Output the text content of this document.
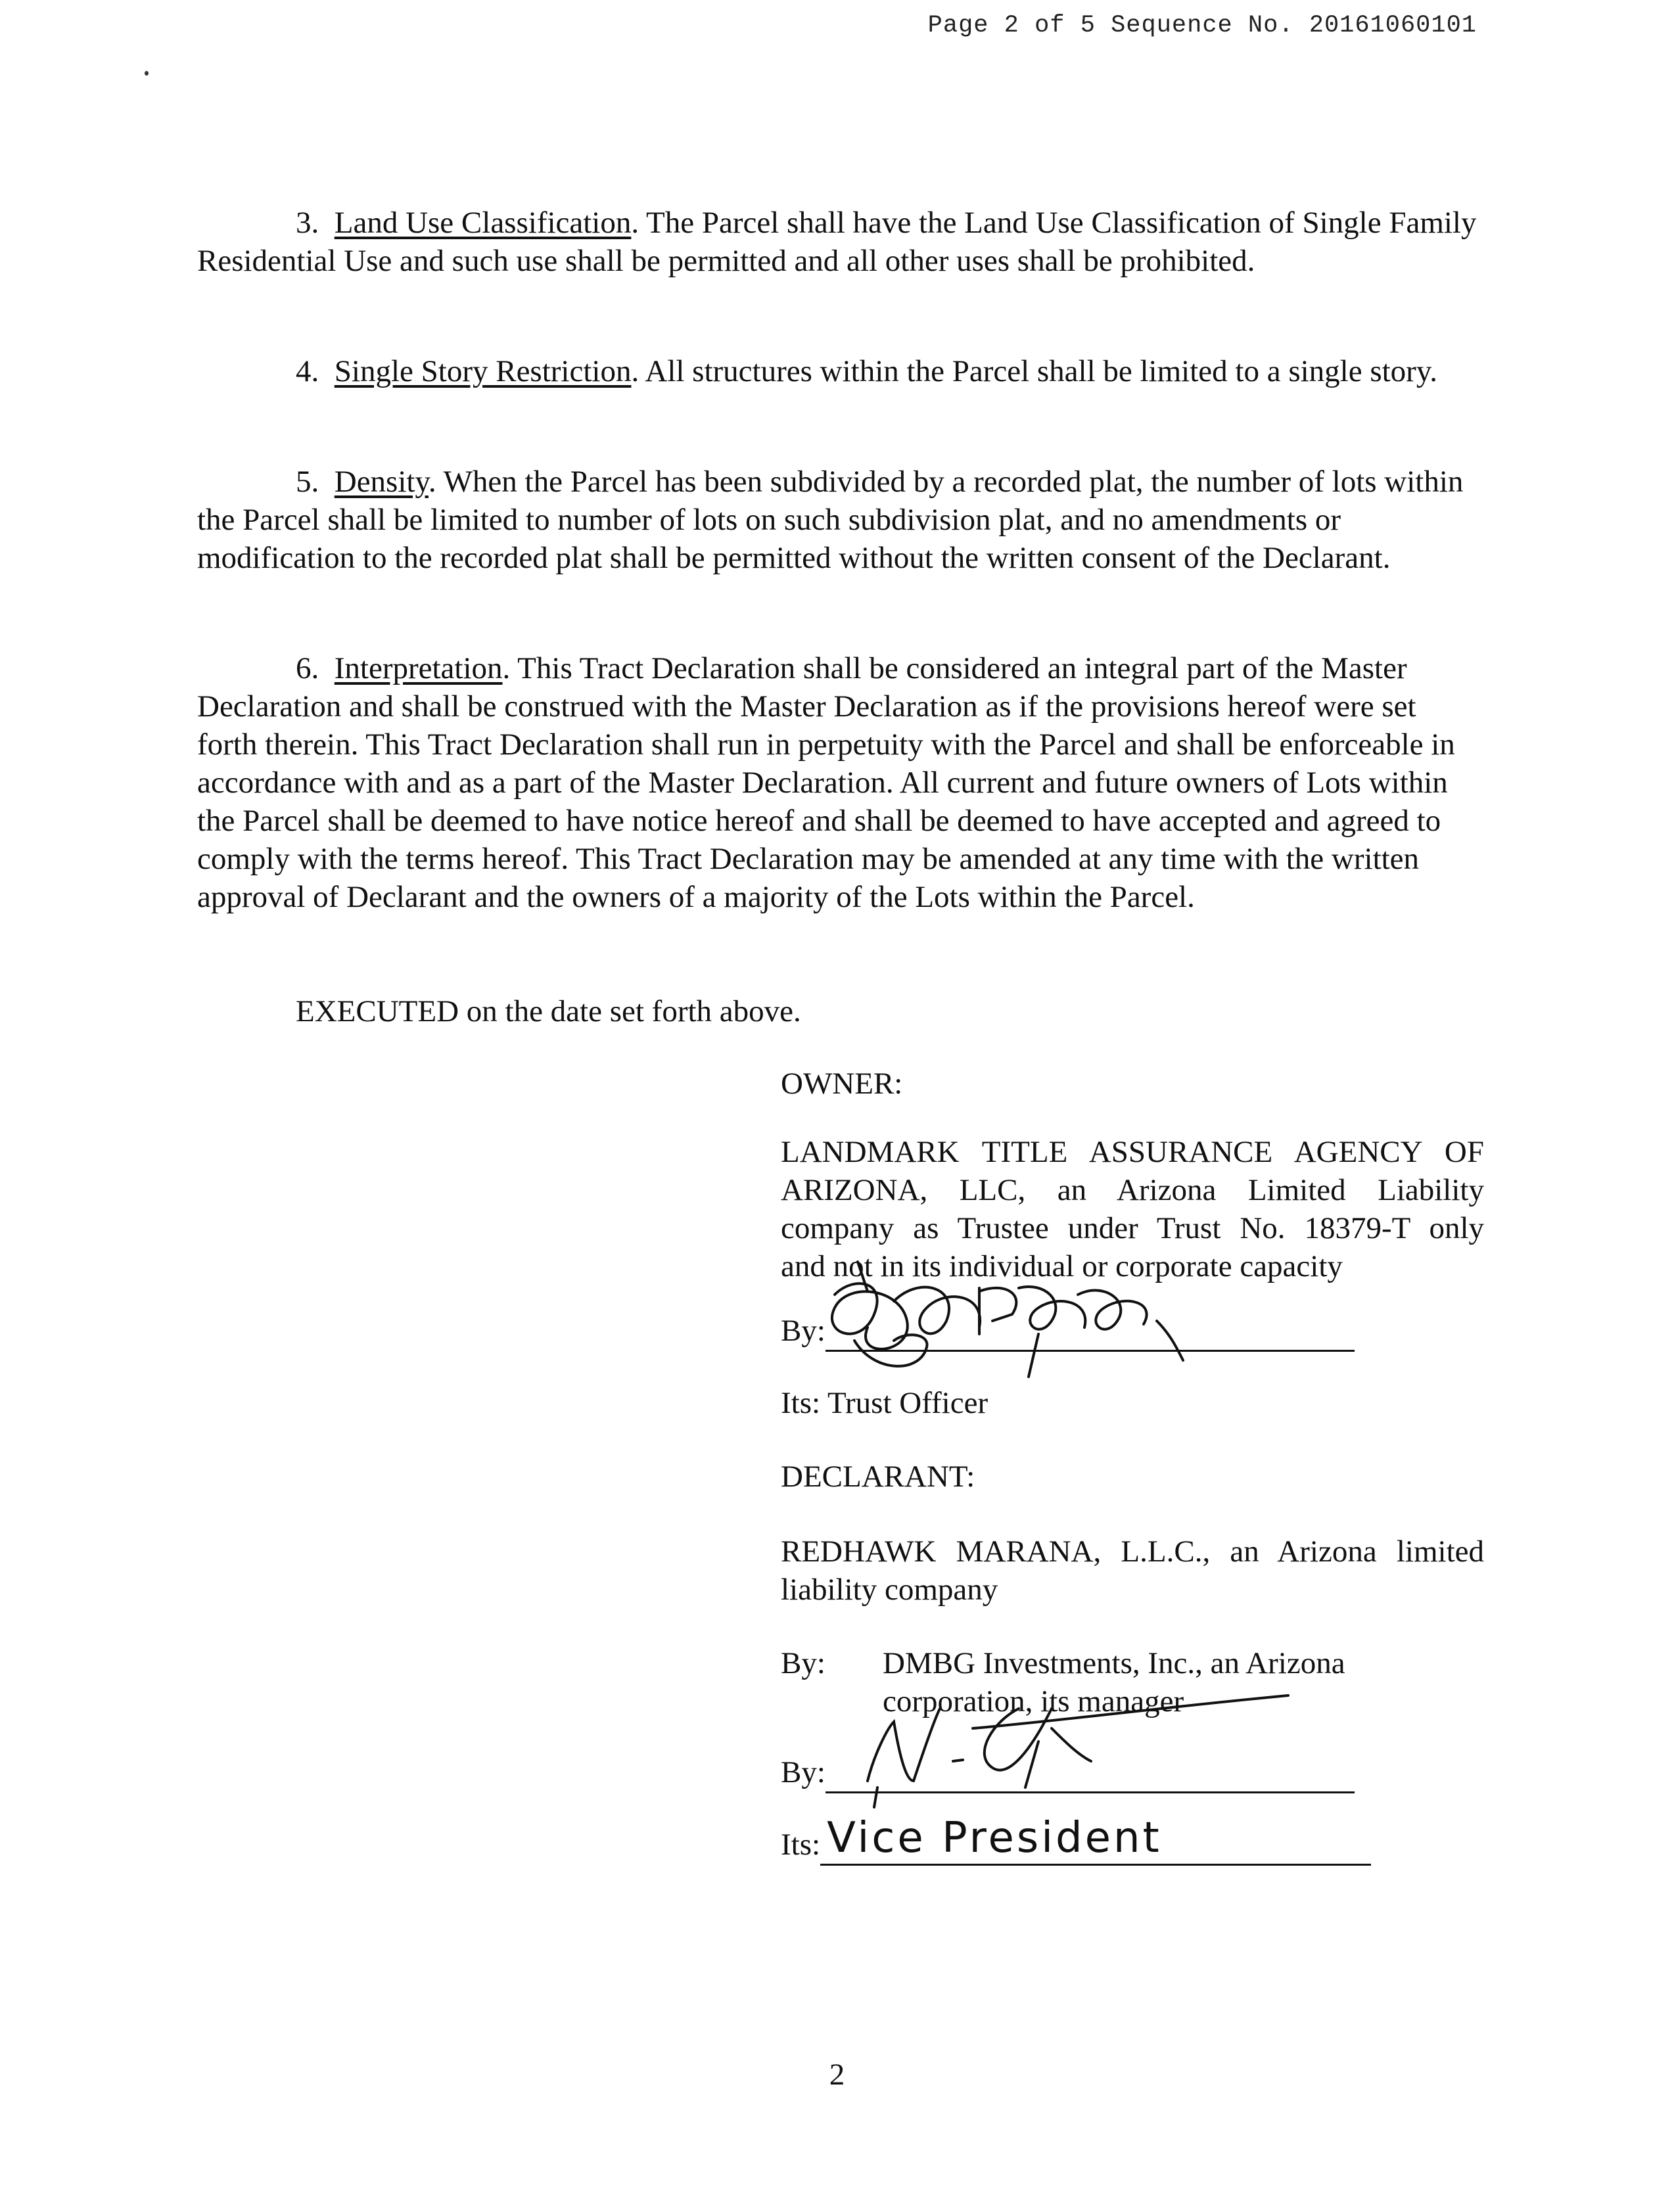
Page 2 of 5 Sequence No. 20161060101

3. Land Use Classification. The Parcel shall have the Land Use Classification of Single Family Residential Use and such use shall be permitted and all other uses shall be prohibited.

4. Single Story Restriction. All structures within the Parcel shall be limited to a single story.

5. Density. When the Parcel has been subdivided by a recorded plat, the number of lots within the Parcel shall be limited to number of lots on such subdivision plat, and no amendments or modification to the recorded plat shall be permitted without the written consent of the Declarant.

6. Interpretation. This Tract Declaration shall be considered an integral part of the Master Declaration and shall be construed with the Master Declaration as if the provisions hereof were set forth therein. This Tract Declaration shall run in perpetuity with the Parcel and shall be enforceable in accordance with and as a part of the Master Declaration. All current and future owners of Lots within the Parcel shall be deemed to have notice hereof and shall be deemed to have accepted and agreed to comply with the terms hereof. This Tract Declaration may be amended at any time with the written approval of Declarant and the owners of a majority of the Lots within the Parcel.

EXECUTED on the date set forth above.

OWNER:
LANDMARK TITLE ASSURANCE AGENCY OF
ARIZONA, LLC, an Arizona Limited Liability
company as Trustee under Trust No. 18379-T only
and not in its individual or corporate capacity
By:
Its: Trust Officer
DECLARANT:
REDHAWK MARANA, L.L.C., an Arizona limited
liability company
By:	DMBG Investments, Inc., an Arizona
corporation, its manager
By:
Its: Vice President

2
